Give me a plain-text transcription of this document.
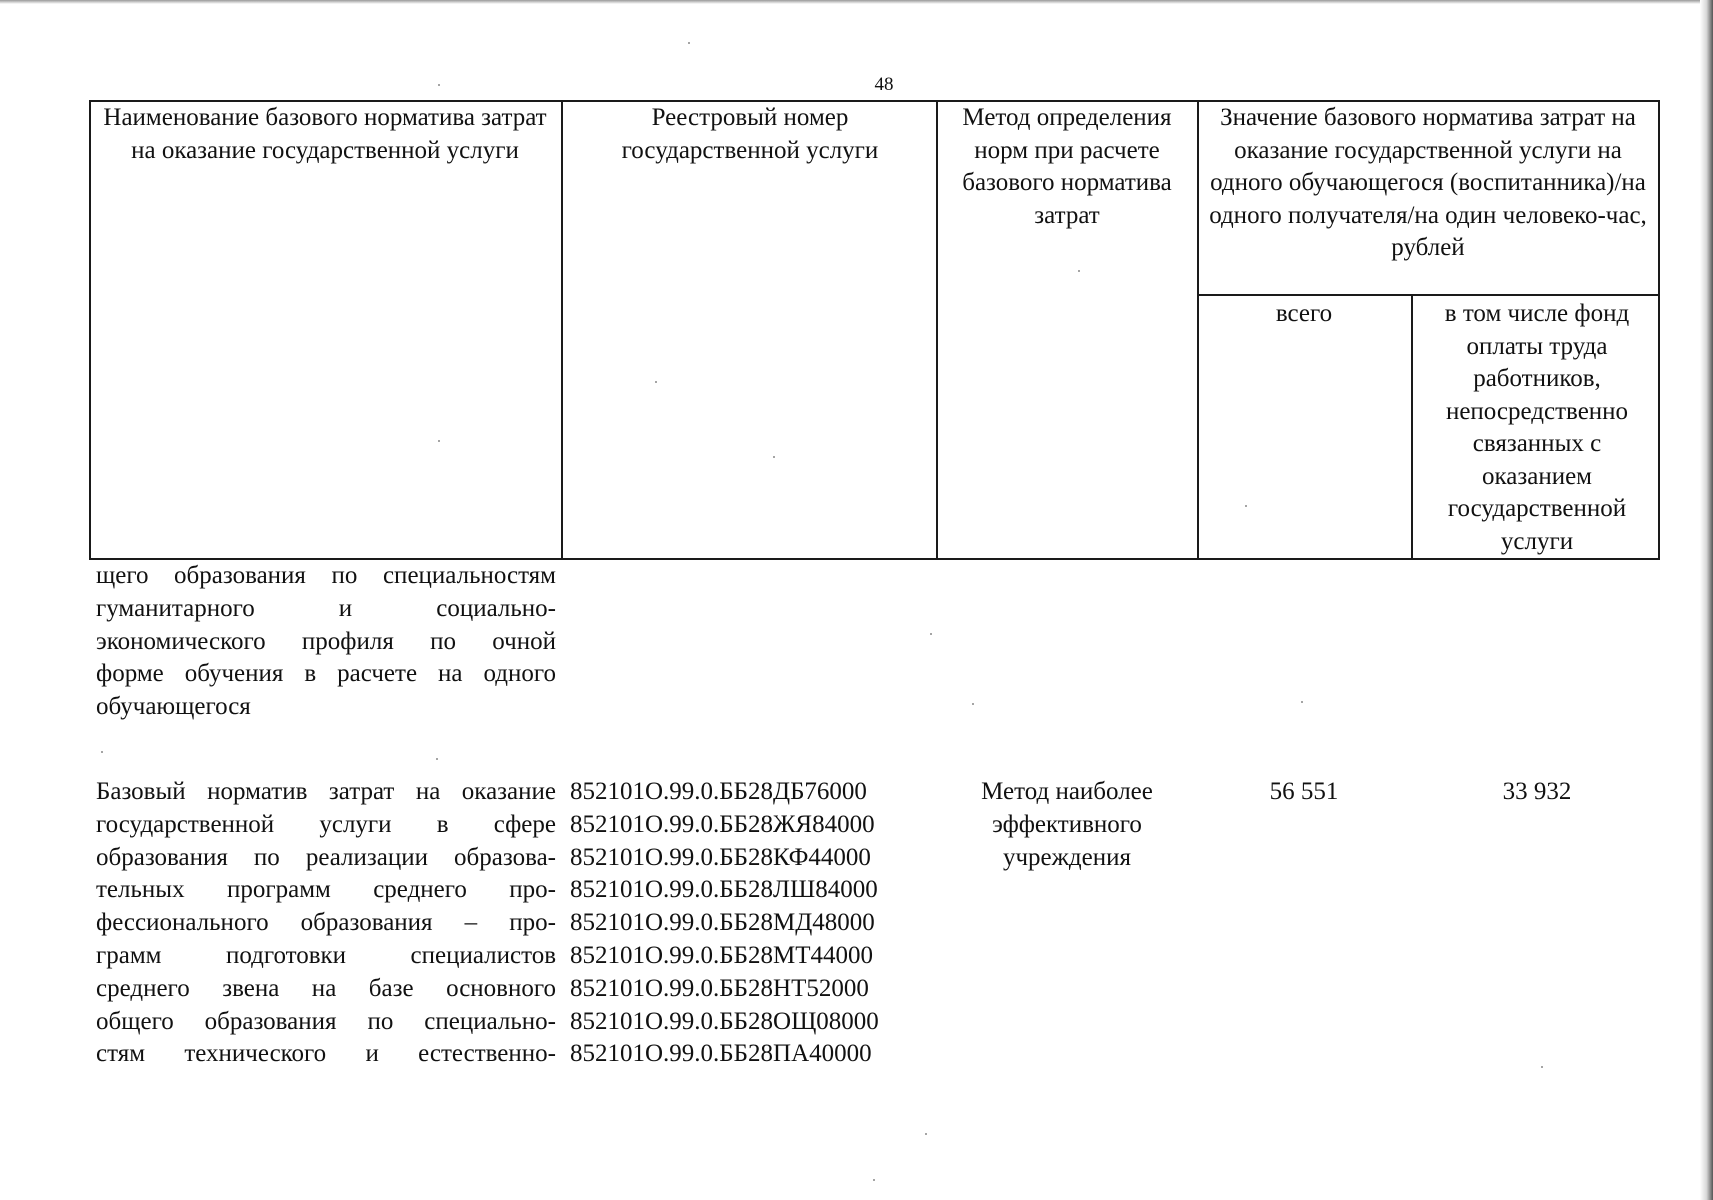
48
Наименование базового норматива затрат на оказание государственной услуги
Реестровый номер государственной услуги
Метод определения норм при расчете базового норматива затрат
Значение базового норматива затрат на оказание государственной услуги на одного обучающегося (воспитанника)/на одного получателя/на один человеко-час, рублей
всего	в том числе фонд оплаты труда работников, непосредственно связанных с оказанием государственной услуги
щего образования по специальностям
гуманитарного и социально-
экономического профиля по очной
форме обучения в расчете на одного
обучающегося
Базовый норматив затрат на оказание
государственной услуги в сфере
образования по реализации образова-
тельных программ среднего про-
фессионального образования – про-
грамм подготовки специалистов
среднего звена на базе основного
общего образования по специально-
стям технического и естественно-
852101О.99.0.ББ28ДБ76000
852101О.99.0.ББ28ЖЯ84000
852101О.99.0.ББ28КФ44000
852101О.99.0.ББ28ЛШ84000
852101О.99.0.ББ28МД48000
852101О.99.0.ББ28МТ44000
852101О.99.0.ББ28НТ52000
852101О.99.0.ББ28ОЩ08000
852101О.99.0.ББ28ПА40000
Метод наиболее эффективного учреждения
56 551	33 932
